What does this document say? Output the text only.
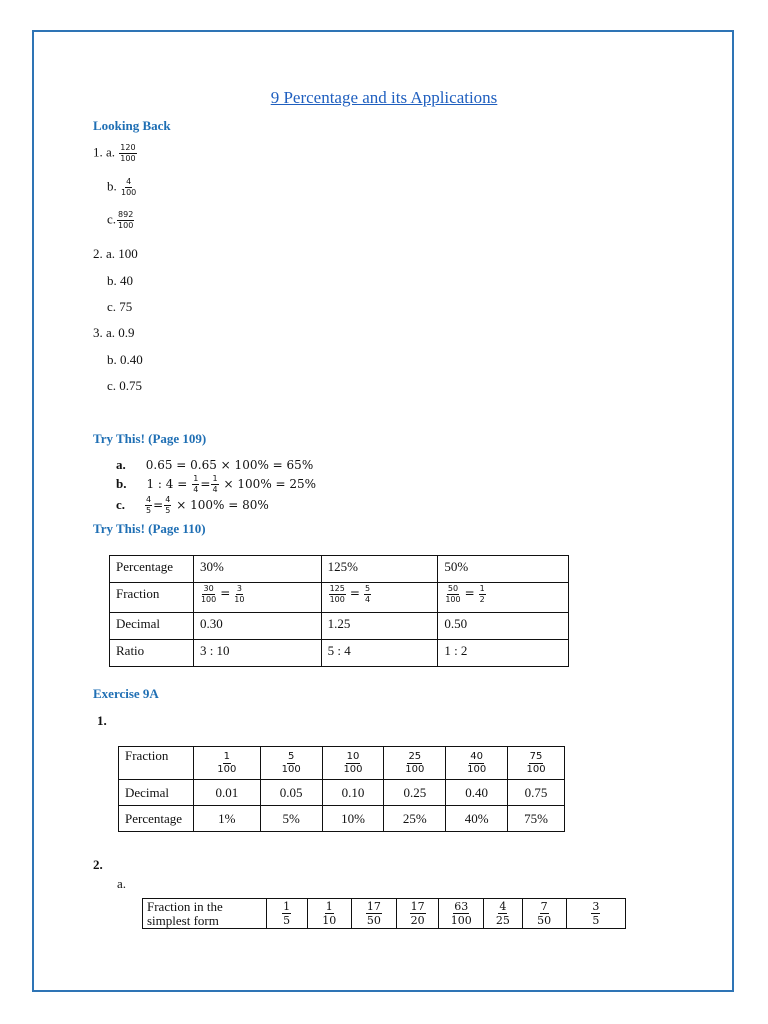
9 Percentage and its Applications
Looking Back
1. a. $\frac{120}{100}$
b. $\frac{4}{100}$
c. $\frac{892}{100}$
2. a. 100
b. 40
c. 75
3. a. 0.9
b. 0.40
c. 0.75
Try This! (Page 109)
a. 0.65 = 0.65 × 100% = 65%
b. 1 : $4 = \frac{1}{4} = \frac{1}{4} \times 100\% = 25\%$
c.	$\frac{4}{5} = \frac{4}{5} \times 100\% = 80\%$
Try This! (Page 110)
Percentage	30%	125%	50%
Fraction	$\frac{30}{100} = \frac{3}{10}$	$\frac{125}{100} = \frac{5}{4}$	$\frac{50}{100} = \frac{1}{2}$

Decimal	0.30	1.25	0.50
Ratio	3 : 10	5 : 4	1 : 2
Exercise 9A
1.
Fraction	$\frac{1}{100}$	$\frac{5}{100}$	$\frac{10}{100}$	$\frac{25}{100}$	$\frac{40}{100}$	$\frac{75}{100}$

Decimal	0.01	0.05	0.10	0.25	0.40	0.75
Percentage	1%	5%	10%	25%	40%	75%
2.
a.
Fraction in the
simplest form	$\frac{1}{5}$	$\frac{1}{10}$	$\frac{17}{50}$	$\frac{17}{20}$	$\frac{63}{100}$	$\frac{4}{25}$	$\frac{7}{50}$	$\frac{3}{5}$
